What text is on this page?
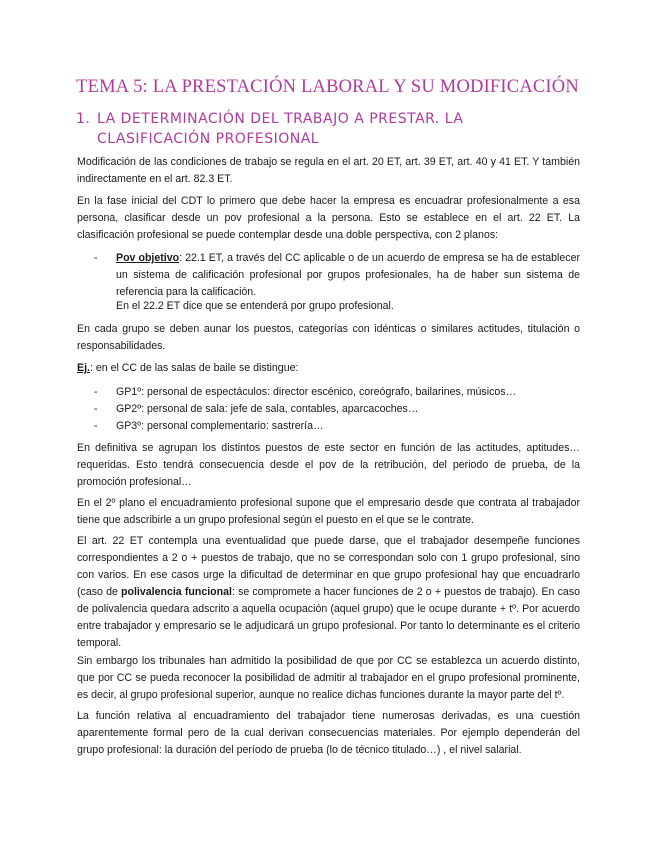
TEMA 5: LA PRESTACIÓN LABORAL Y SU MODIFICACIÓN
1. LA DETERMINACIÓN DEL TRABAJO A PRESTAR. LA CLASIFICACIÓN PROFESIONAL
Modificación de las condiciones de trabajo se regula en el art. 20 ET, art. 39 ET, art. 40 y 41 ET. Y también indirectamente en el art. 82.3 ET.
En la fase inicial del CDT lo primero que debe hacer la empresa es encuadrar profesionalmente a esa persona, clasificar desde un pov profesional a la persona. Esto se establece en el art. 22 ET. La clasificación profesional se puede contemplar desde una doble perspectiva, con 2 planos:
- Pov objetivo: 22.1 ET, a través del CC aplicable o de un acuerdo de empresa se ha de establecer un sistema de calificación profesional por grupos profesionales, ha de haber sun sistema de referencia para la calificación.
En el 22.2 ET dice que se entenderá por grupo profesional.
En cada grupo se deben aunar los puestos, categorías con idénticas o similares actitudes, titulación o responsabilidades.
Ej.: en el CC de las salas de baile se distingue:
- GP1º: personal de espectáculos: director escénico, coreógrafo, bailarines, músicos…
- GP2º: personal de sala: jefe de sala, contables, aparcacoches…
- GP3º: personal complementario: sastrería…
En definitiva se agrupan los distintos puestos de este sector en función de las actitudes, aptitudes… requeridas. Esto tendrá consecuencia desde el pov de la retribución, del periodo de prueba, de la promoción profesional…
En el 2º plano el encuadramiento profesional supone que el empresario desde que contrata al trabajador tiene que adscribirle a un grupo profesional según el puesto en el que se le contrate.
El art. 22 ET contempla una eventualidad que puede darse, que el trabajador desempeñe funciones correspondientes a 2 o + puestos de trabajo, que no se correspondan solo con 1 grupo profesional, sino con varios. En ese casos urge la dificultad de determinar en que grupo profesional hay que encuadrarlo (caso de polivalencia funcional: se compromete a hacer funciones de 2 o + puestos de trabajo). En caso de polivalencia quedara adscrito a aquella ocupación (aquel grupo) que le ocupe durante + tº. Por acuerdo entre trabajador y empresario se le adjudicará un grupo profesional. Por tanto lo determinante es el criterio temporal.
Sin embargo los tribunales han admitido la posibilidad de que por CC se establezca un acuerdo distinto, que por CC se pueda reconocer la posibilidad de admitir al trabajador en el grupo profesional prominente, es decir, al grupo profesional superior, aunque no realice dichas funciones durante la mayor parte del tº.
La función relativa al encuadramiento del trabajador tiene numerosas derivadas, es una cuestión aparentemente formal pero de la cual derivan consecuencias materiales. Por ejemplo dependerán del grupo profesional: la duración del período de prueba (lo de técnico titulado…) , el nivel salarial.
